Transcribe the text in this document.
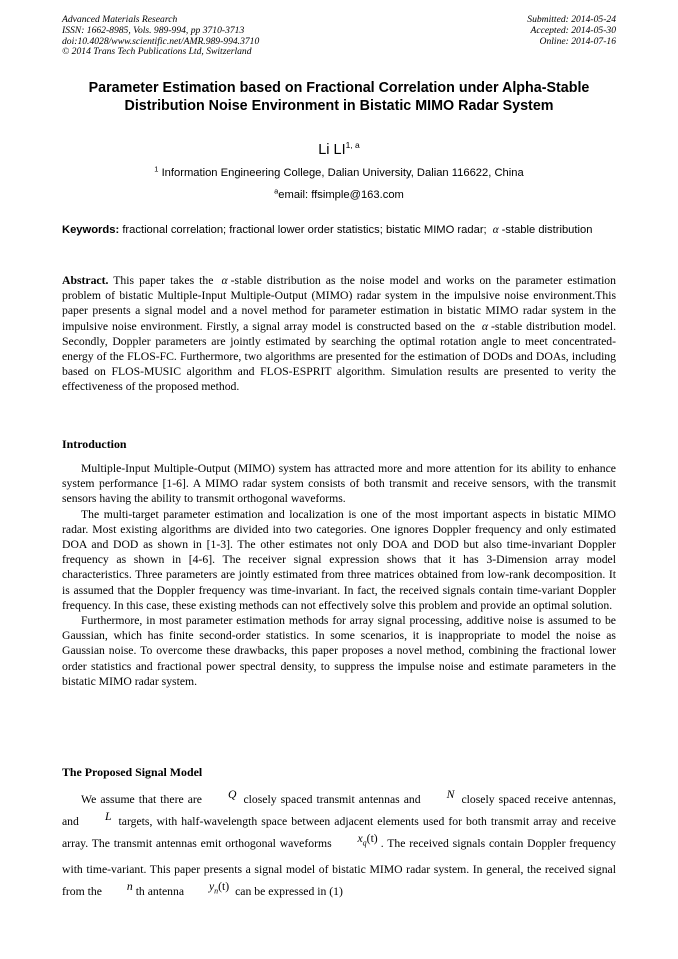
Advanced Materials Research
ISSN: 1662-8985, Vols. 989-994, pp 3710-3713
doi:10.4028/www.scientific.net/AMR.989-994.3710
© 2014 Trans Tech Publications Ltd, Switzerland
Submitted: 2014-05-24
Accepted: 2014-05-30
Online: 2014-07-16
Parameter Estimation based on Fractional Correlation under Alpha-Stable Distribution Noise Environment in Bistatic MIMO Radar System
Li LI$^{1, a}$
$^1$ Information Engineering College, Dalian University, Dalian 116622, China
$^a$email: ffsimple@163.com
Keywords: fractional correlation; fractional lower order statistics; bistatic MIMO radar; α -stable distribution
Abstract. This paper takes the α -stable distribution as the noise model and works on the parameter estimation problem of bistatic Multiple-Input Multiple-Output (MIMO) radar system in the impulsive noise environment.This paper presents a signal model and a novel method for parameter estimation in bistatic MIMO radar system in the impulsive noise environment. Firstly, a signal array model is constructed based on the α -stable distribution model. Secondly, Doppler parameters are jointly estimated by searching the optimal rotation angle to meet concentrated-energy of the FLOS-FC. Furthermore, two algorithms are presented for the estimation of DODs and DOAs, including based on FLOS-MUSIC algorithm and FLOS-ESPRIT algorithm. Simulation results are presented to verity the effectiveness of the proposed method.
Introduction

Multiple-Input Multiple-Output (MIMO) system has attracted more and more attention for its ability to enhance system performance [1-6]. A MIMO radar system consists of both transmit and receive sensors, with the transmit sensors having the ability to transmit orthogonal waveforms.

The multi-target parameter estimation and localization is one of the most important aspects in bistatic MIMO radar. Most existing algorithms are divided into two categories. One ignores Doppler frequency and only estimated DOA and DOD as shown in [1-3]. The other estimates not only DOA and DOD but also time-invariant Doppler frequency as shown in [4-6]. The receiver signal expression shows that it has 3-Dimension array model characteristics. Three parameters are jointly estimated from three matrices obtained from low-rank decomposition. It is assumed that the Doppler frequency was time-invariant. In fact, the received signals contain time-variant Doppler frequency. In this case, these existing methods can not effectively solve this problem and provide an optimal solution.

Furthermore, in most parameter estimation methods for array signal processing, additive noise is assumed to be Gaussian, which has finite second-order statistics. In some scenarios, it is inappropriate to model the noise as Gaussian noise. To overcome these drawbacks, this paper proposes a novel method, combining the fractional lower order statistics and fractional power spectral density, to suppress the impulse noise and estimate parameters in the bistatic MIMO radar system.

The Proposed Signal Model

We assume that there are Q closely spaced transmit antennas and N closely spaced receive antennas, and L targets, with half-wavelength space between adjacent elements used for both transmit array and receive array. The transmit antennas emit orthogonal waveforms $x_q(t)$ . The received signals contain Doppler frequency with time-variant. This paper presents a signal model of bistatic MIMO radar system. In general, the received signal from the n th antenna $y_n(t)$ can be expressed in (1)
